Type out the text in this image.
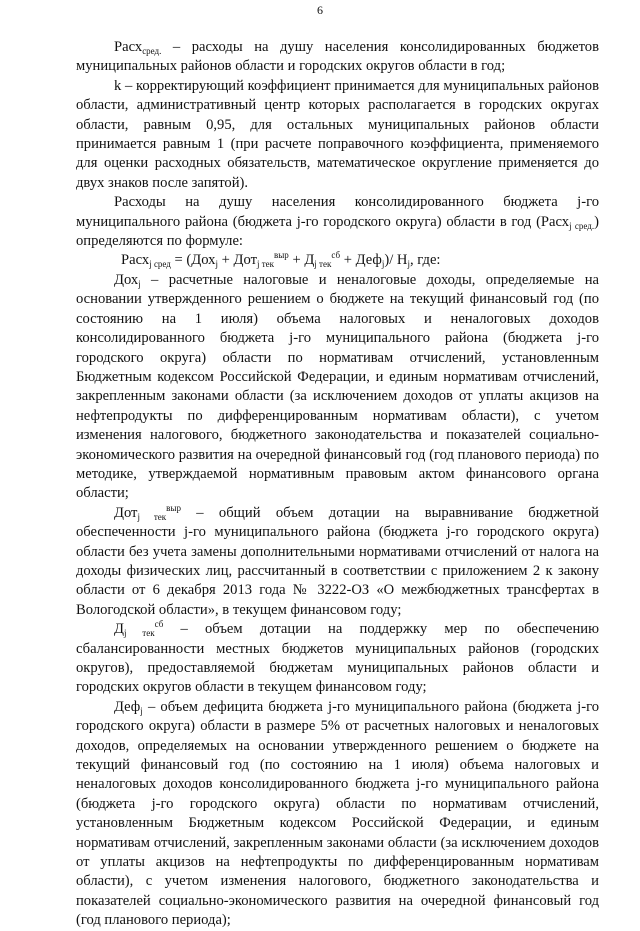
6

Расх$_{сред.}$ – расходы на душу населения консолидированных бюджетов муниципальных районов области и городских округов области в год;

k – корректирующий коэффициент принимается для муниципальных районов области, административный центр которых располагается в городских округах области, равным 0,95, для остальных муниципальных районов области принимается равным 1 (при расчете поправочного коэффициента, применяемого для оценки расходных обязательств, математическое округление применяется до двух знаков после запятой).

Расходы на душу населения консолидированного бюджета j-го муниципального района (бюджета j-го городского округа) области в год (Расх$_{j сред.}$) определяются по формуле:

Расх$_{j сред}$ = $(Дох_j + Дот_{j тек}^{выр} + Д_{j тек}^{сб} + Деф_j)/$ $Н_j$, где:

Дох$_j$ – расчетные налоговые и неналоговые доходы, определяемые на основании утвержденного решением о бюджете на текущий финансовый год (по состоянию на 1 июля) объема налоговых и неналоговых доходов консолидированного бюджета j-го муниципального района (бюджета j-го городского округа) области по нормативам отчислений, установленным Бюджетным кодексом Российской Федерации, и единым нормативам отчислений, закрепленным законами области (за исключением доходов от уплаты акцизов на нефтепродукты по дифференцированным нормативам области), с учетом изменения налогового, бюджетного законодательства и показателей социально-экономического развития на очередной финансовый год (год планового периода) по методике, утверждаемой нормативным правовым актом финансового органа области;

Дот$_{j тек}^{выр}$ – общий объем дотации на выравнивание бюджетной обеспеченности j-го муниципального района (бюджета j-го городского округа) области без учета замены дополнительными нормативами отчислений от налога на доходы физических лиц, рассчитанный в соответствии с приложением 2 к закону области от 6 декабря 2013 года № 3222-ОЗ «О межбюджетных трансфертах в Вологодской области», в текущем финансовом году;

$Д_{j тек}^{сб}$ – объем дотации на поддержку мер по обеспечению сбалансированности местных бюджетов муниципальных районов (городских округов), предоставляемой бюджетам муниципальных районов области и городских округов области в текущем финансовом году;

Деф$_j$ – объем дефицита бюджета j-го муниципального района (бюджета j-го городского округа) области в размере 5% от расчетных налоговых и неналоговых доходов, определяемых на основании утвержденного решением о бюджете на текущий финансовый год (по состоянию на 1 июля) объема налоговых и неналоговых доходов консолидированного бюджета j-го муниципального района (бюджета j-го городского округа) области по нормативам отчислений, установленным Бюджетным кодексом Российской Федерации, и единым нормативам отчислений, закрепленным законами области (за исключением доходов от уплаты акцизов на нефтепродукты по дифференцированным нормативам области), с учетом изменения налогового, бюджетного законодательства и показателей социально-экономического развития на очередной финансовый год (год планового периода);
